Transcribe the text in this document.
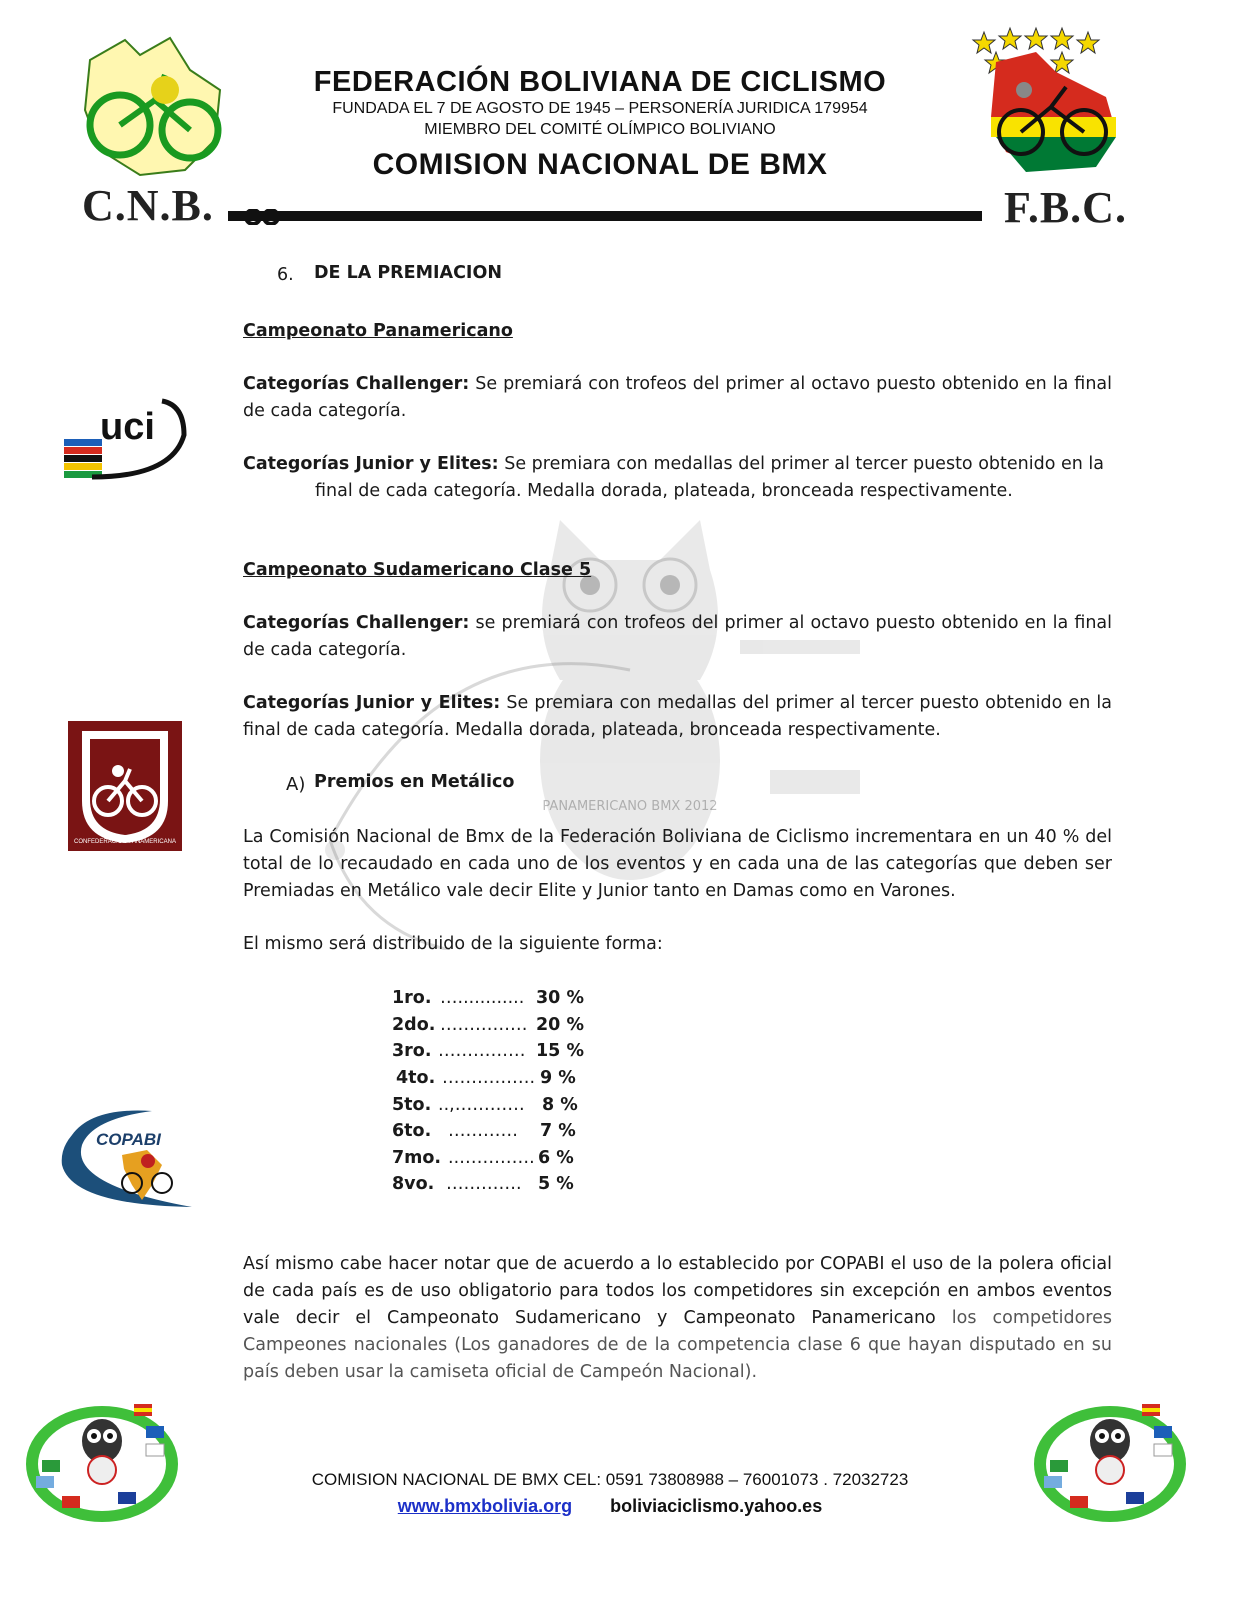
PANAMERICANO BMX 2012
C.N.B.
FEDERACIÓN BOLIVIANA DE CICLISMO
FUNDADA EL 7 DE AGOSTO DE 1945 – PERSONERÍA JURIDICA 179954
MIEMBRO DEL COMITÉ OLÍMPICO BOLIVIANO
COMISION NACIONAL DE BMX
F.B.C.
6. DE LA PREMIACION
Campeonato Panamericano
Categorías Challenger: Se premiará con trofeos del primer al octavo puesto obtenido en la final de cada categoría.
Categorías Junior y Elites: Se premiara con medallas del primer al tercer puesto obtenido en la
final de cada categoría. Medalla dorada, plateada, bronceada respectivamente.
uci
Campeonato Sudamericano Clase 5
Categorías Challenger: se premiará con trofeos del primer al octavo puesto obtenido en la final de cada categoría.
Categorías Junior y Elites: Se premiara con medallas del primer al tercer puesto obtenido en la final de cada categoría. Medalla dorada, plateada, bronceada respectivamente.
CONFEDERACION PANAMERICANA
A) Premios en Metálico
La Comisión Nacional de Bmx de la Federación Boliviana de Ciclismo incrementara en un 40 % del total de lo recaudado en cada uno de los eventos y en cada una de las categorías que deben ser Premiadas en Metálico vale decir Elite y Junior tanto en Damas como en Varones.
El mismo será distribuido de la siguiente forma:
1ro. …............ 30 %
2do. …………… 20 %
3ro. …………… 15 %
4to. ……………. 9 %
5to. ..,………… 8 %
6to. ………… 7 %
7mo. ..…………. 6 %
8vo. …………. 5 %
COPABI
Así mismo cabe hacer notar que de acuerdo a lo establecido por COPABI el uso de la polera oficial de cada país es de uso obligatorio para todos los competidores sin excepción en ambos eventos vale decir el Campeonato Sudamericano y Campeonato Panamericano los competidores Campeones nacionales (Los ganadores de de la competencia clase 6 que hayan disputado en su país deben usar la camiseta oficial de Campeón Nacional).
COMISION NACIONAL DE BMX CEL: 0591 73808988 – 76001073 . 72032723
www.bmxbolivia.org boliviaciclismo.yahoo.es
